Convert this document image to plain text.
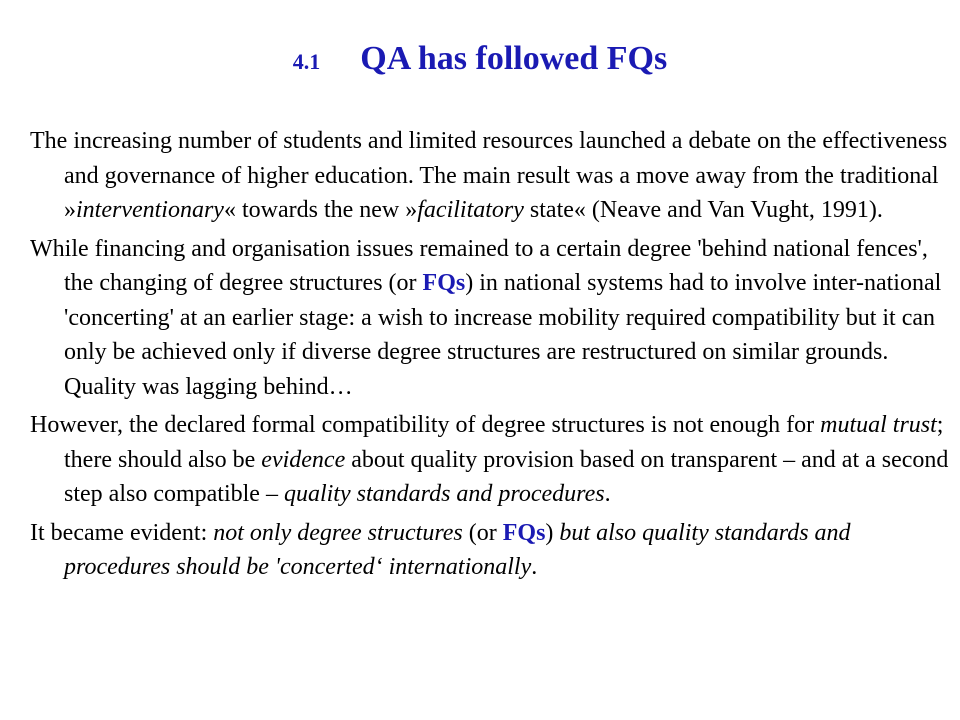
4.1 QA has followed FQs

The increasing number of students and limited resources launched a debate on the effectiveness and governance of higher education. The main result was a move away from the traditional »interventionary« towards the new »facilitatory state« (Neave and Van Vught, 1991).

While financing and organisation issues remained to a certain degree 'behind national fences', the changing of degree structures (or FQs) in national systems had to involve inter-national 'concerting' at an earlier stage: a wish to increase mobility required compatibility but it can only be achieved only if diverse degree structures are restructured on similar grounds. Quality was lagging behind…

However, the declared formal compatibility of degree structures is not enough for mutual trust; there should also be evidence about quality provision based on transparent – and at a second step also compatible – quality standards and procedures.

It became evident: not only degree structures (or FQs) but also quality standards and procedures should be 'concerted‘ internationally.
